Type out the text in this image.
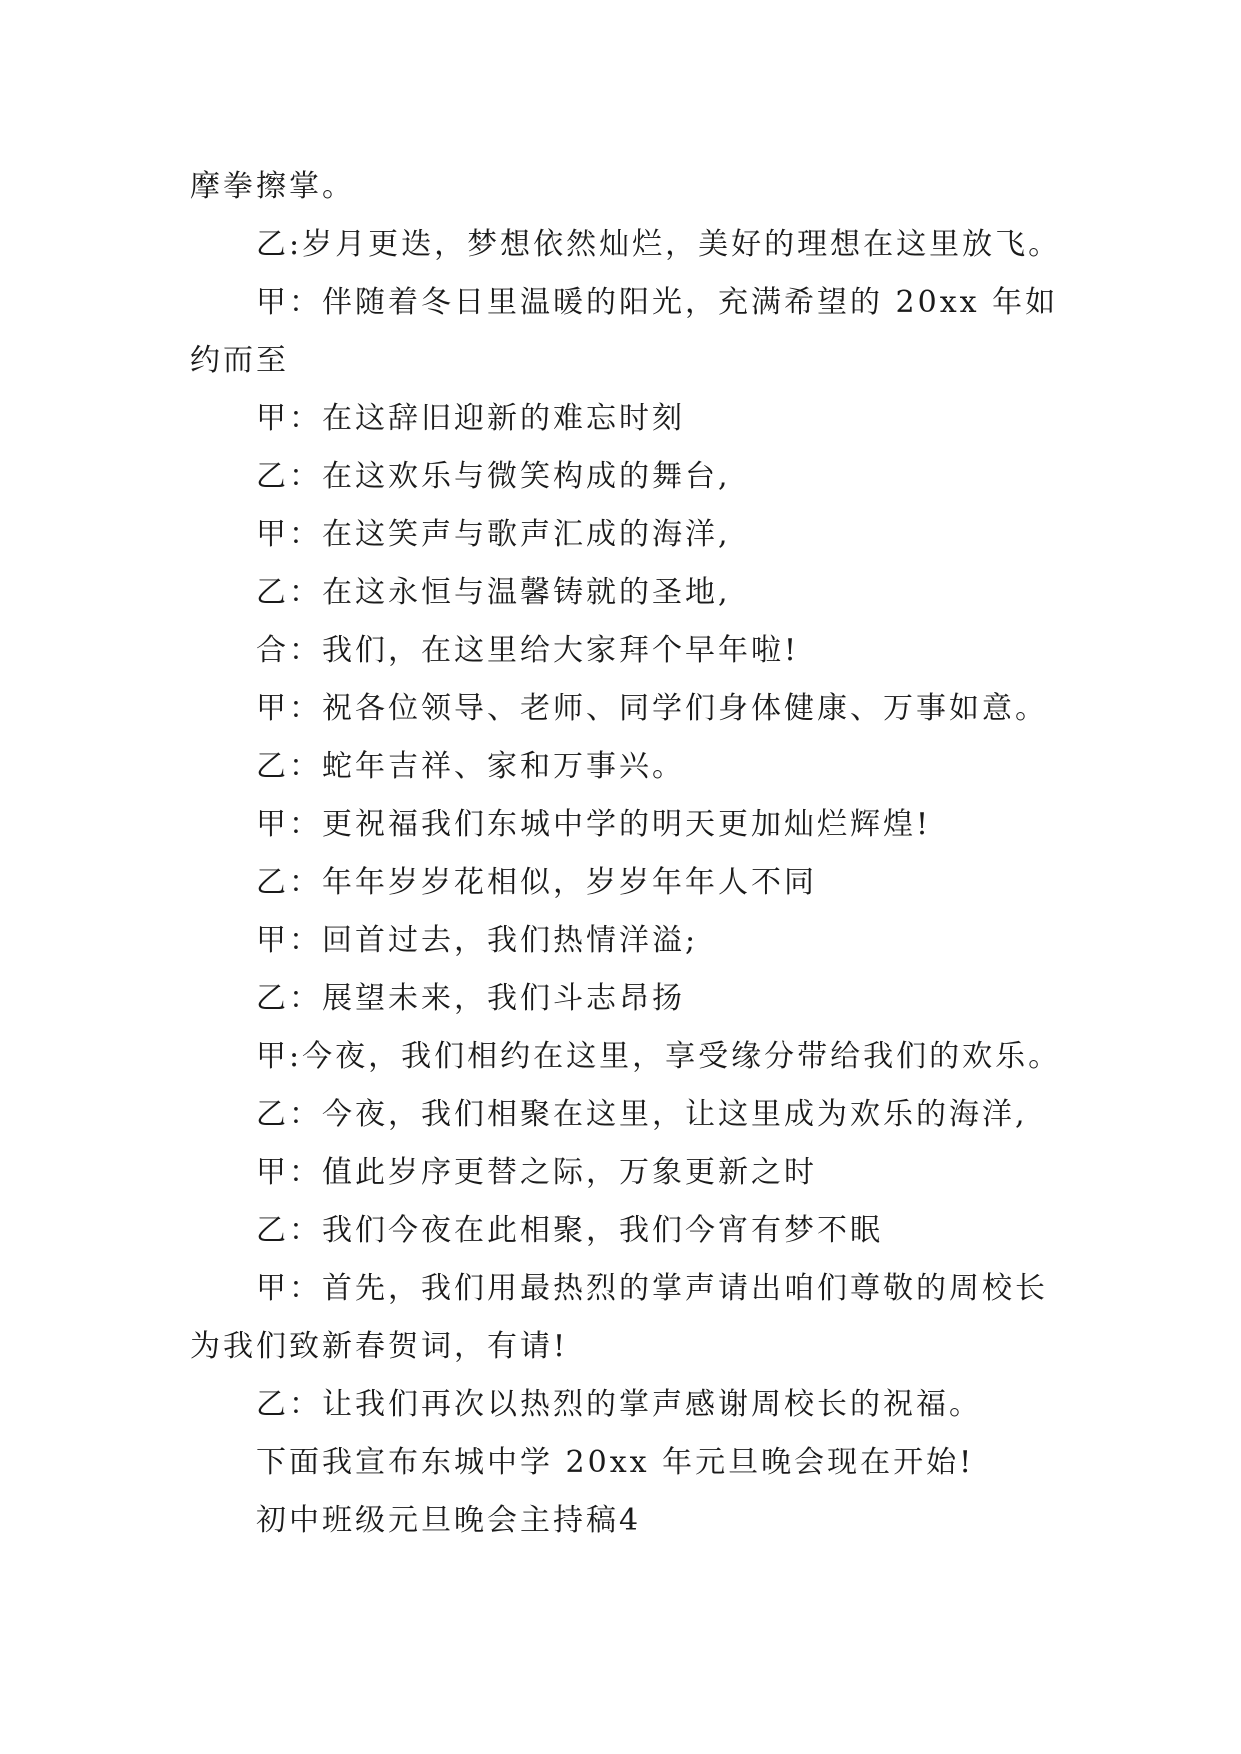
摩拳擦掌。
乙:岁月更迭，梦想依然灿烂，美好的理想在这里放飞。
甲：伴随着冬日里温暖的阳光，充满希望的 20xx 年如
约而至
甲：在这辞旧迎新的难忘时刻
乙：在这欢乐与微笑构成的舞台,
甲：在这笑声与歌声汇成的海洋,
乙：在这永恒与温馨铸就的圣地,
合：我们，在这里给大家拜个早年啦!
甲：祝各位领导、老师、同学们身体健康、万事如意。
乙：蛇年吉祥、家和万事兴。
甲：更祝福我们东城中学的明天更加灿烂辉煌!
乙：年年岁岁花相似，岁岁年年人不同
甲：回首过去，我们热情洋溢;
乙：展望未来，我们斗志昂扬
甲:今夜，我们相约在这里，享受缘分带给我们的欢乐。
乙：今夜，我们相聚在这里，让这里成为欢乐的海洋,
甲：值此岁序更替之际，万象更新之时
乙：我们今夜在此相聚，我们今宵有梦不眠
甲：首先，我们用最热烈的掌声请出咱们尊敬的周校长
为我们致新春贺词，有请!
乙：让我们再次以热烈的掌声感谢周校长的祝福。
下面我宣布东城中学 20xx 年元旦晚会现在开始!
初中班级元旦晚会主持稿4
